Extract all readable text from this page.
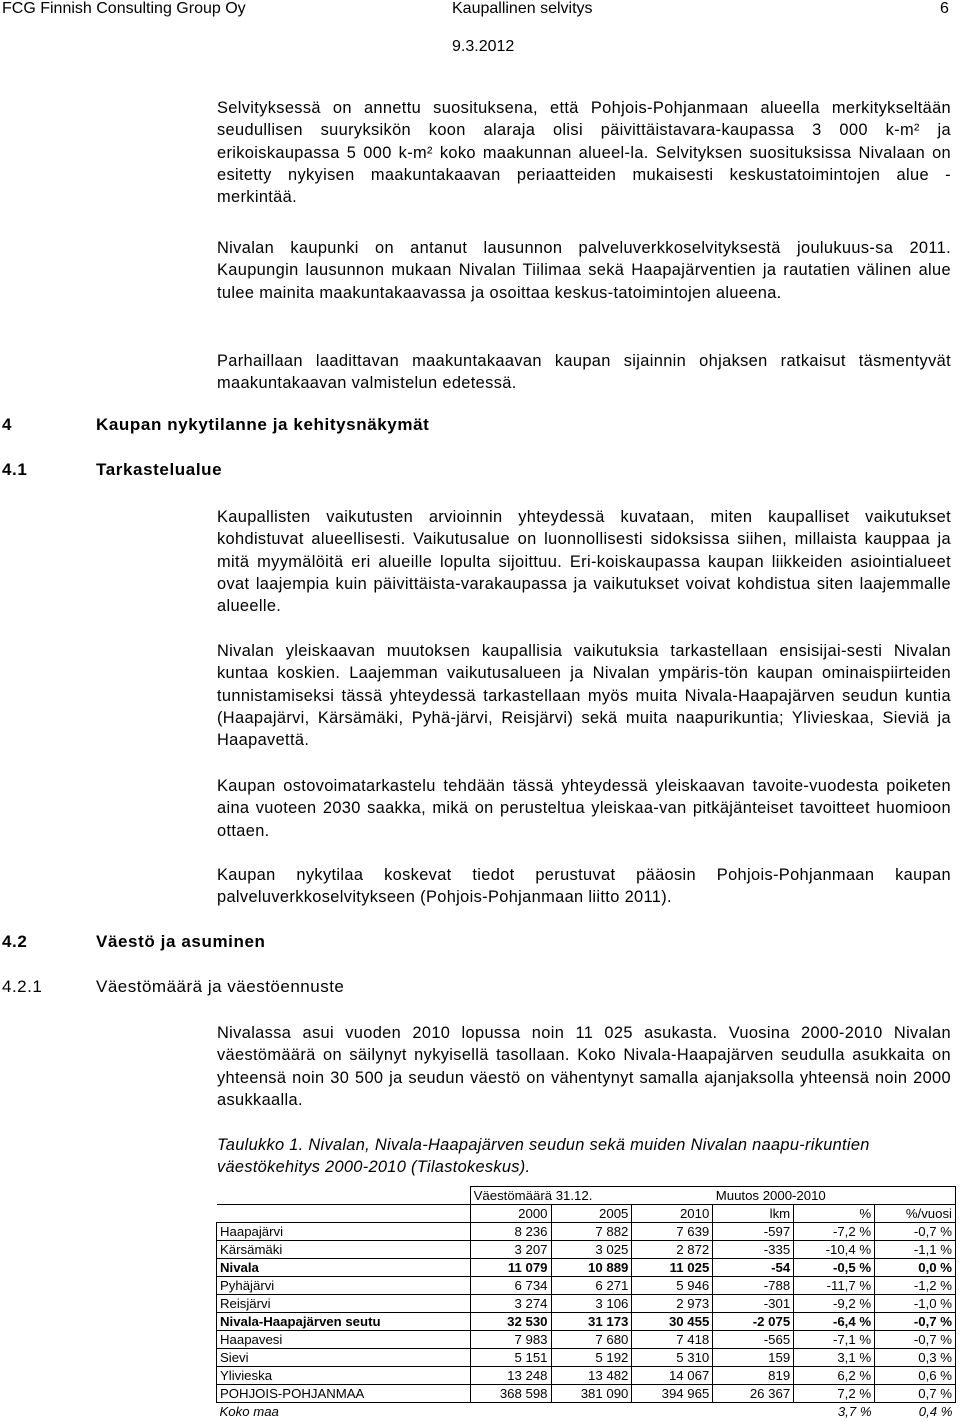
FCG Finnish Consulting Group Oy	Kaupallinen selvitys	6
9.3.2012

Selvityksessä on annettu suosituksena, että Pohjois-Pohjanmaan alueella merkitykseltään seudullisen suuryksikön koon alaraja olisi päivittäistavara-kaupassa 3 000 k-m² ja erikoiskaupassa 5 000 k-m² koko maakunnan alueel-la. Selvityksen suosituksissa Nivalaan on esitetty nykyisen maakuntakaavan periaatteiden mukaisesti keskustatoimintojen alue -merkintää.

Nivalan kaupunki on antanut lausunnon palveluverkkoselvityksestä joulukuus-sa 2011. Kaupungin lausunnon mukaan Nivalan Tiilimaa sekä Haapajärventien ja rautatien välinen alue tulee mainita maakuntakaavassa ja osoittaa keskus-tatoimintojen alueena.

Parhaillaan laadittavan maakuntakaavan kaupan sijainnin ohjaksen ratkaisut täsmentyvät maakuntakaavan valmistelun edetessä.

4	Kaupan nykytilanne ja kehitysnäkymät
4.1	Tarkastelualue

Kaupallisten vaikutusten arvioinnin yhteydessä kuvataan, miten kaupalliset vaikutukset kohdistuvat alueellisesti. Vaikutusalue on luonnollisesti sidoksissa siihen, millaista kauppaa ja mitä myymälöitä eri alueille lopulta sijoittuu. Eri-koiskaupassa kaupan liikkeiden asiointialueet ovat laajempia kuin päivittäista-varakaupassa ja vaikutukset voivat kohdistua siten laajemmalle alueelle.

Nivalan yleiskaavan muutoksen kaupallisia vaikutuksia tarkastellaan ensisijai-sesti Nivalan kuntaa koskien. Laajemman vaikutusalueen ja Nivalan ympäris-tön kaupan ominaispiirteiden tunnistamiseksi tässä yhteydessä tarkastellaan myös muita Nivala-Haapajärven seudun kuntia (Haapajärvi, Kärsämäki, Pyhä-järvi, Reisjärvi) sekä muita naapurikuntia; Ylivieskaa, Sieviä ja Haapavettä.

Kaupan ostovoimatarkastelu tehdään tässä yhteydessä yleiskaavan tavoite-vuodesta poiketen aina vuoteen 2030 saakka, mikä on perusteltua yleiskaa-van pitkäjänteiset tavoitteet huomioon ottaen.

Kaupan nykytilaa koskevat tiedot perustuvat pääosin Pohjois-Pohjanmaan kaupan palveluverkkoselvitykseen (Pohjois-Pohjanmaan liitto 2011).

4.2	Väestö ja asuminen
4.2.1	Väestömäärä ja väestöennuste

Nivalassa asui vuoden 2010 lopussa noin 11 025 asukasta. Vuosina 2000-2010 Nivalan väestömäärä on säilynyt nykyisellä tasollaan. Koko Nivala-Haapajärven seudulla asukkaita on yhteensä noin 30 500 ja seudun väestö on vähentynyt samalla ajanjaksolla yhteensä noin 2000 asukkaalla.

Taulukko 1. Nivalan, Nivala-Haapajärven seudun sekä muiden Nivalan naapu-rikuntien väestökehitys 2000-2010 (Tilastokeskus).

	Väestömäärä 31.12.			Muutos 2000-2010		
	2000	2005	2010	lkm	%	%/vuosi
Haapajärvi	8 236	7 882	7 639	-597	-7,2 %	-0,7 %
Kärsämäki	3 207	3 025	2 872	-335	-10,4 %	-1,1 %
Nivala	11 079	10 889	11 025	-54	-0,5 %	0,0 %
Pyhäjärvi	6 734	6 271	5 946	-788	-11,7 %	-1,2 %
Reisjärvi	3 274	3 106	2 973	-301	-9,2 %	-1,0 %
Nivala-Haapajärven seutu	32 530	31 173	30 455	-2 075	-6,4 %	-0,7 %
Haapavesi	7 983	7 680	7 418	-565	-7,1 %	-0,7 %
Sievi	5 151	5 192	5 310	159	3,1 %	0,3 %
Ylivieska	13 248	13 482	14 067	819	6,2 %	0,6 %
POHJOIS-POHJANMAA	368 598	381 090	394 965	26 367	7,2 %	0,7 %
Koko maa					3,7 %	0,4 %
